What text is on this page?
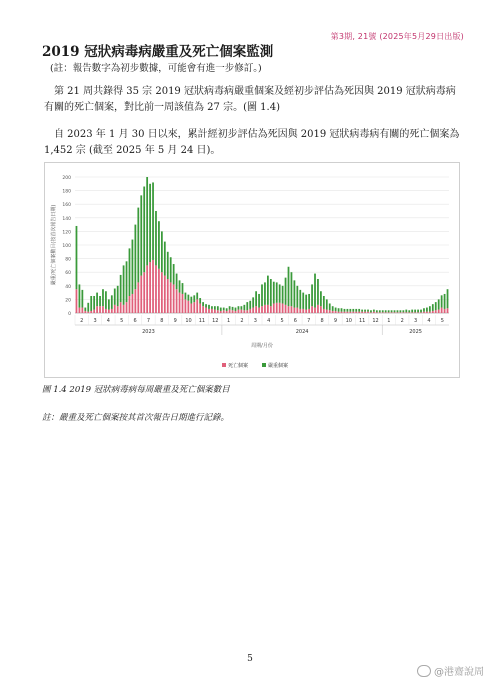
第3期, 21號 (2025年5月29日出版)
2019 冠狀病毒病嚴重及死亡個案監測
(註：報告數字為初步數據，可能會有進一步修訂。)

第 21 周共錄得 35 宗 2019 冠狀病毒病嚴重個案及經初步評估為死因與 2019 冠狀病毒病有關的死亡個案，對比前一周該值為 27 宗。(圖 1.4)

自 2023 年 1 月 30 日以來，累計經初步評估為死因與 2019 冠狀病毒病有關的死亡個案為 1,452 宗 (截至 2025 年 5 月 24 日)。

0
20
40
60
80
100
120
140
160
180
200
嚴重/死亡個案數目(按首次報告日期)
2 3 4 5 6 7 8 9 10 11 12 1 2 3 4 5 6 7 8 9 10 11 12 1 2 3 4 5
2023	2024	2025
周期/月份
死亡個案	嚴重個案
圖 1.4 2019 冠狀病毒病每周嚴重及死亡個案數目
註：嚴重及死亡個案按其首次報告日期進行記錄。
5
@港齋說周
